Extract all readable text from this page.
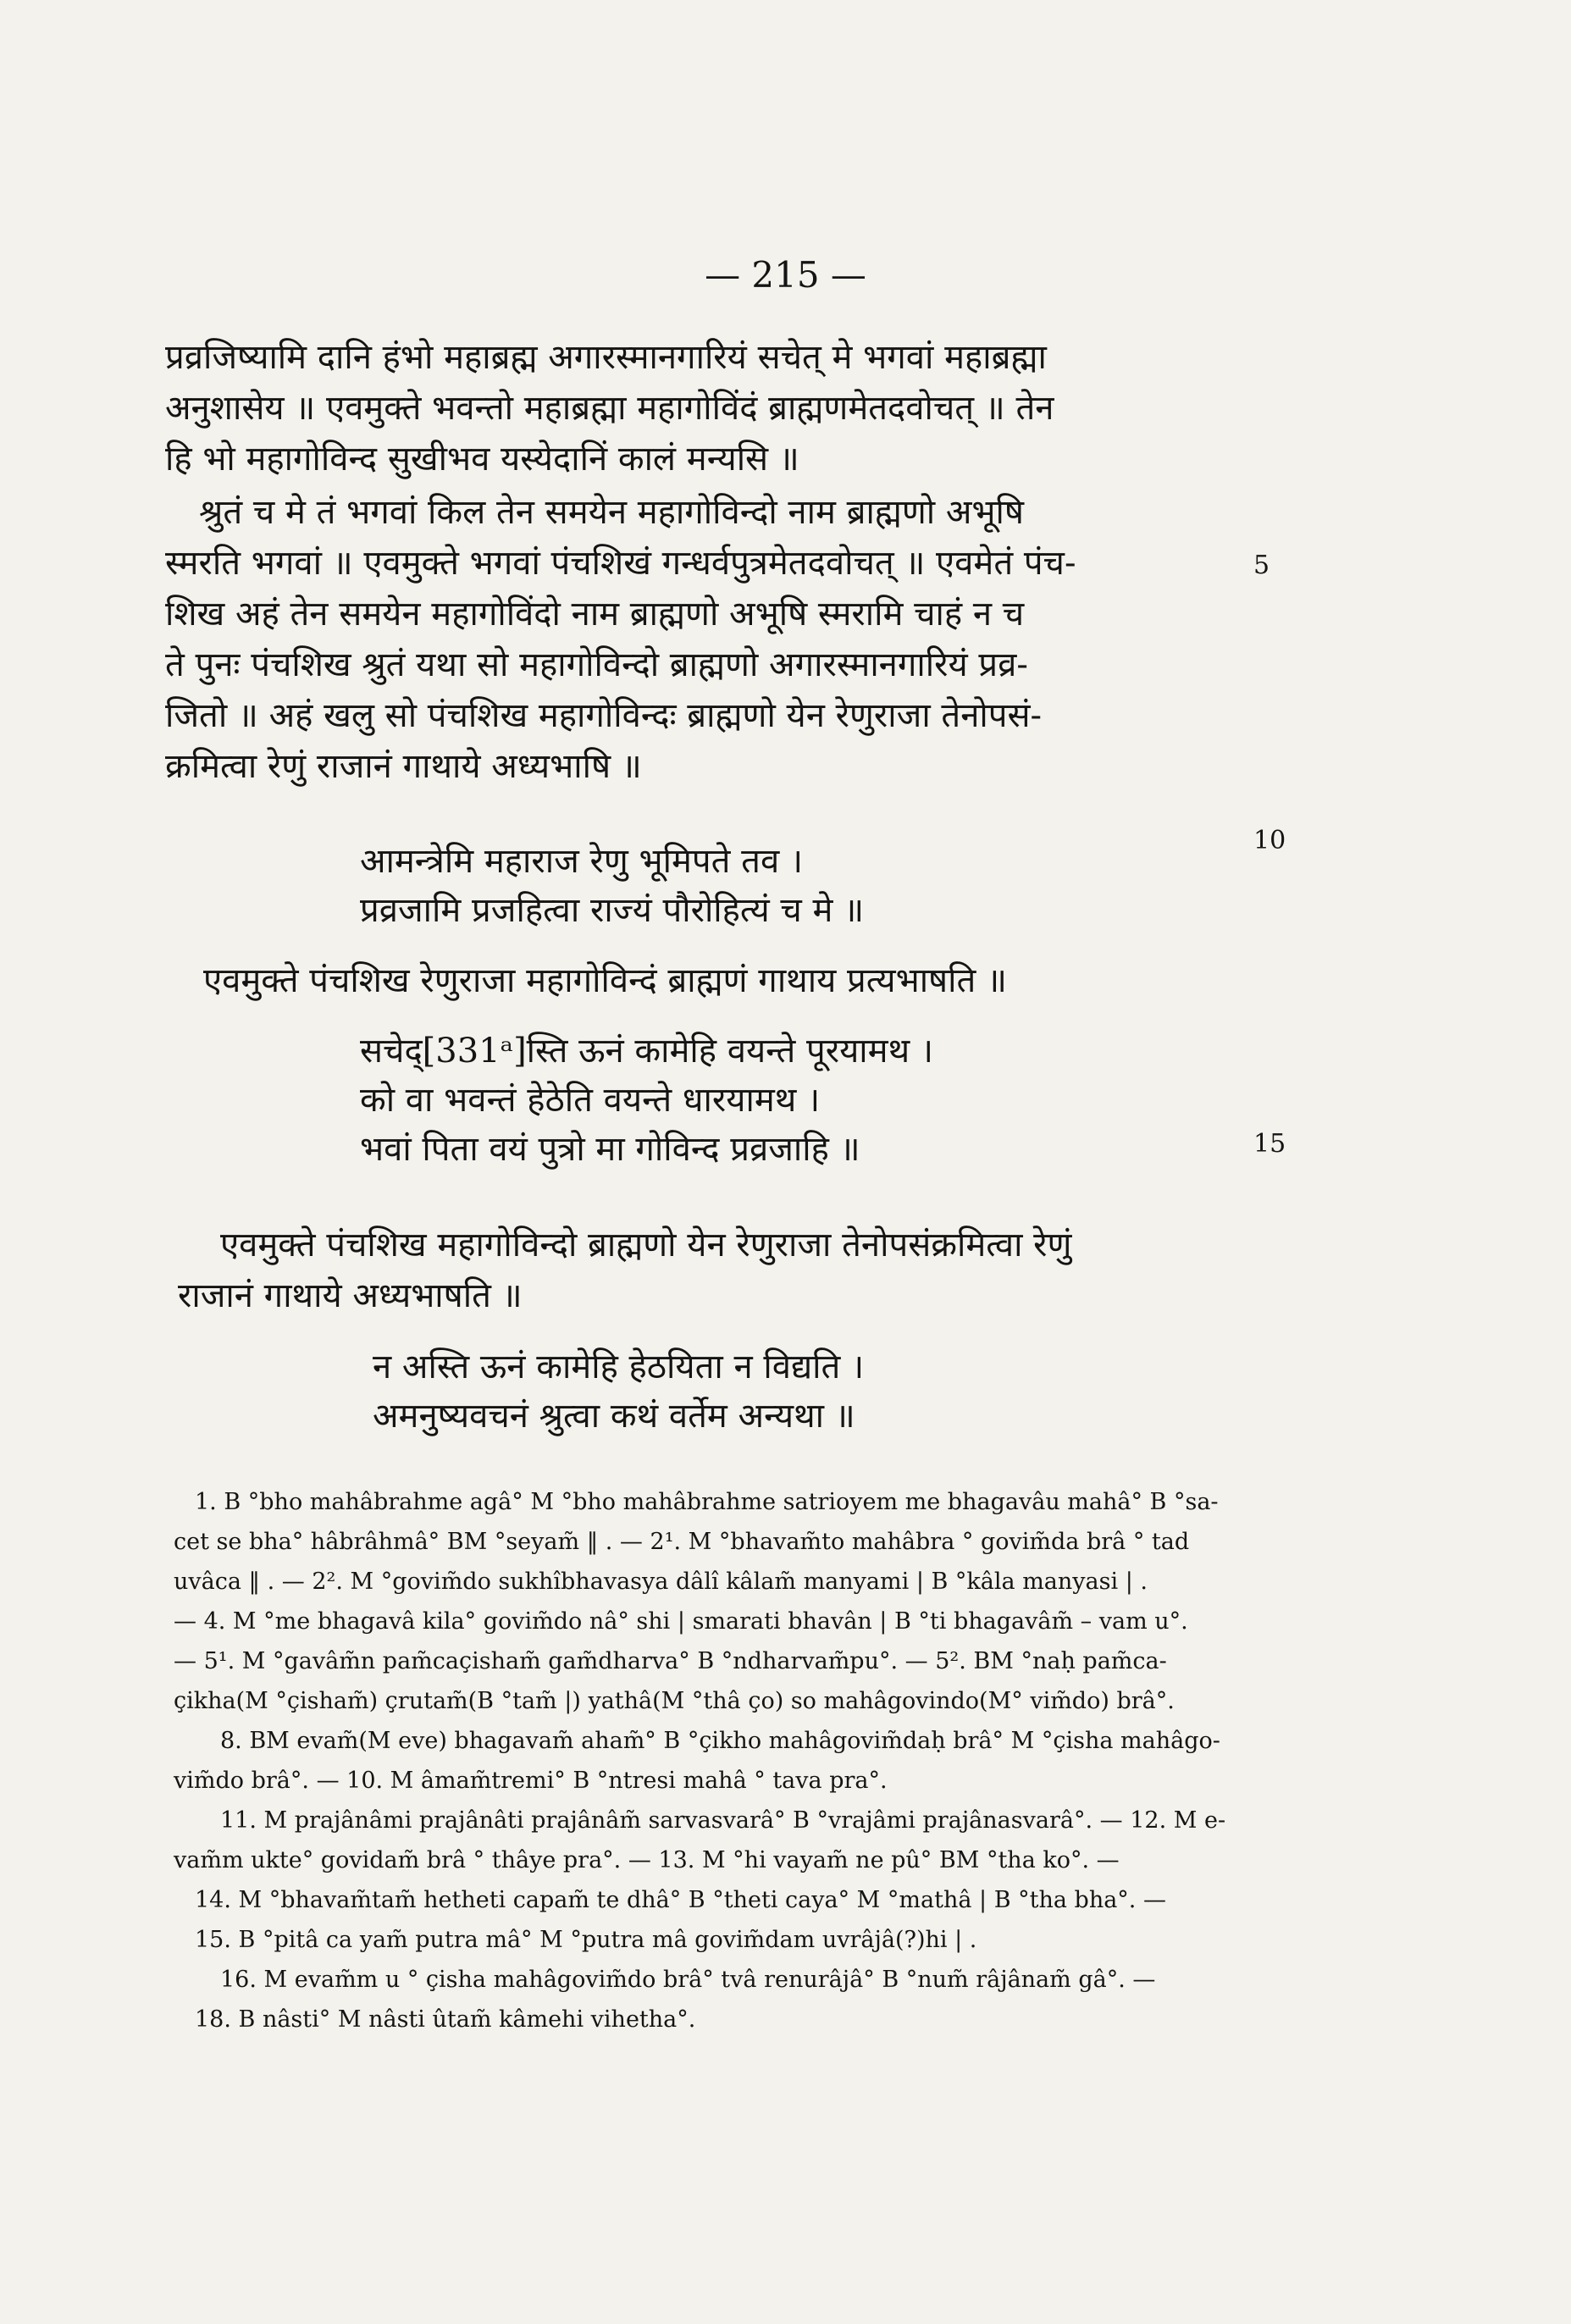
— 215 —
प्रव्रजिष्यामि दानि हंभो महाब्रह्म अगारस्मानगारियं सचेत् मे भगवां महाब्रह्मा
अनुशासेय ॥ एवमुक्ते भवन्तो महाब्रह्मा महागोविंदं ब्राह्मणमेतदवोचत् ॥ तेन
हि भो महागोविन्द सुखीभव यस्येदानिं कालं मन्यसि ॥
श्रुतं च मे तं भगवां किल तेन समयेन महागोविन्दो नाम ब्राह्मणो अभूषि
स्मरति भगवां ॥ एवमुक्ते भगवां पंचशिखं गन्धर्वपुत्रमेतदवोचत् ॥ एवमेतं पंच-
शिख अहं तेन समयेन महागोविंदो नाम ब्राह्मणो अभूषि स्मरामि चाहं न च
ते पुनः पंचशिख श्रुतं यथा सो महागोविन्दो ब्राह्मणो अगारस्मानगारियं प्रव्र-
जितो ॥ अहं खलु सो पंचशिख महागोविन्दः ब्राह्मणो येन रेणुराजा तेनोपसं-
क्रमित्वा रेणुं राजानं गाथाये अध्यभाषि ॥
5
आमन्त्रेमि महाराज रेणु भूमिपते तव ।
प्रव्रजामि प्रजहित्वा राज्यं पौरोहित्यं च मे ॥
10
एवमुक्ते पंचशिख रेणुराजा महागोविन्दं ब्राह्मणं गाथाय प्रत्यभाषति ॥
सचेद्[331ᵃ]स्ति ऊनं कामेहि वयन्ते पूरयामथ ।
को वा भवन्तं हेठेति वयन्ते धारयामथ ।
भवां पिता वयं पुत्रो मा गोविन्द प्रव्रजाहि ॥	15
एवमुक्ते पंचशिख महागोविन्दो ब्राह्मणो येन रेणुराजा तेनोपसंक्रमित्वा रेणुं
राजानं गाथाये अध्यभाषति ॥
न अस्ति ऊनं कामेहि हेठयिता न विद्यति ।
अमनुष्यवचनं श्रुत्वा कथं वर्तेम अन्यथा ॥
1. B °bho mahâbrahme agâ° M °bho mahâbrahme satrioyem me bhagavâu mahâ° B °sa-
cet se bha° hâbrâhmâ° BM °seyam̃ ‖ . — 2¹. M °bhavam̃to mahâbra ° govim̃da brâ ° tad
uvâca ‖ . — 2². M °govim̃do sukhîbhavasya dâlî kâlam̃ manyami | B °kâla manyasi | .
— 4. M °me bhagavâ kila° govim̃do nâ° shi | smarati bhavân | B °ti bhagavâm̃ – vam u°.
— 5¹. M °gavâm̃n pam̃caçisham̃ gam̃dharva° B °ndharvam̃pu°. — 5². BM °naḥ pam̃ca-
çikha(M °çisham̃) çrutam̃(B °tam̃ |) yathâ(M °thâ ço) so mahâgovindo(M° vim̃do) brâ°.
8. BM evam̃(M eve) bhagavam̃ aham̃° B °çikho mahâgovim̃daḥ brâ° M °çisha mahâgo-
vim̃do brâ°. — 10. M âmam̃tremi° B °ntresi mahâ ° tava pra°.
11. M prajânâmi prajânâti prajânâm̃ sarvasvarâ° B °vrajâmi prajânasvarâ°. — 12. M e-
vam̃m ukte° govidam̃ brâ ° thâye pra°. — 13. M °hi vayam̃ ne pû° BM °tha ko°. —
14. M °bhavam̃tam̃ hetheti capam̃ te dhâ° B °theti caya° M °mathâ | B °tha bha°. —
15. B °pitâ ca yam̃ putra mâ° M °putra mâ govim̃dam uvrâjâ(?)hi | .
16. M evam̃m u ° çisha mahâgovim̃do brâ° tvâ renurâjâ° B °num̃ râjânam̃ gâ°. —
18. B nâsti° M nâsti ûtam̃ kâmehi vihetha°.
